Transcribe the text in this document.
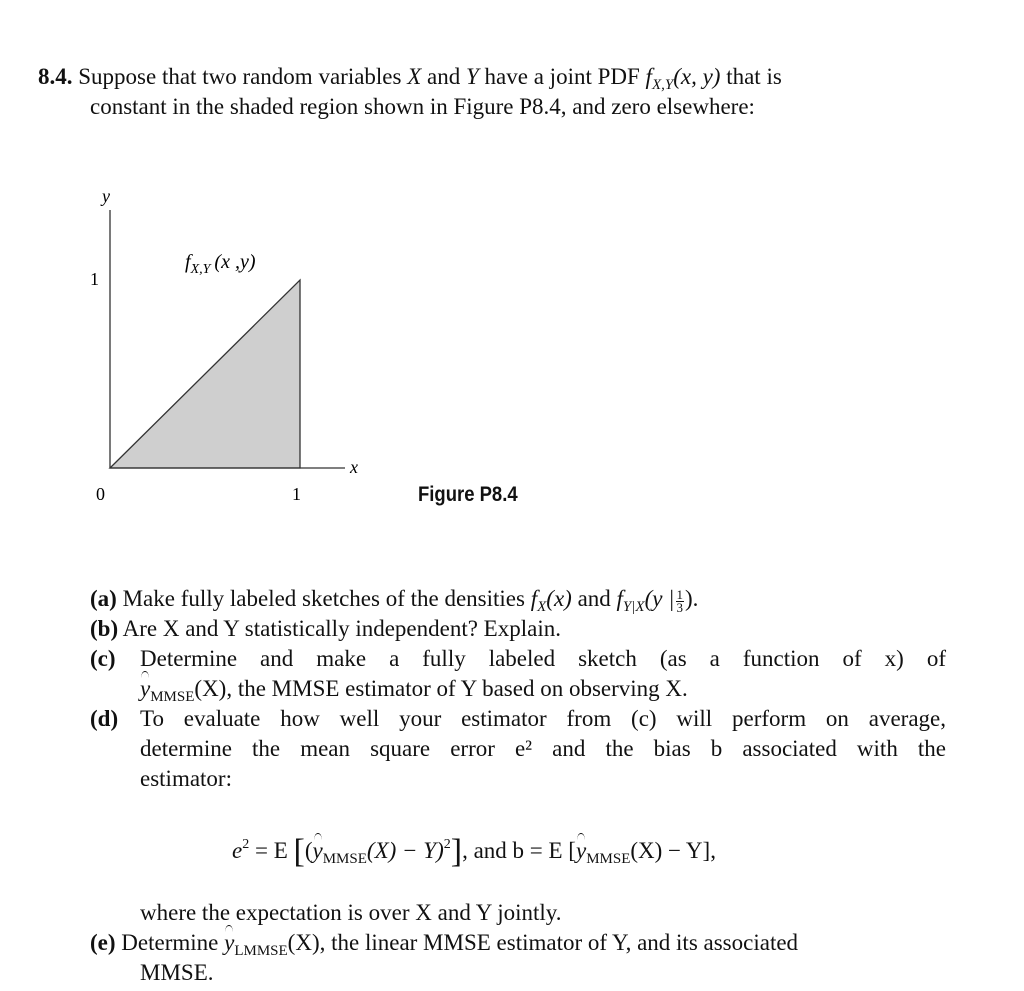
8.4. Suppose that two random variables X and Y have a joint PDF $f_{X,Y}(x$, y) that is
constant in the shaded region shown in Figure P8.4, and zero elsewhere:
y
x
1
0	1
$f_{X,Y}$ (x ,y)
Figure P8.4
(a) Make fully labeled sketches of the densities $f_X(x)$ and $f_{Y|X}(y$ | $\frac{1}{3}$ ).
(b) Are X and Y statistically independent? Explain.
(c) Determine and make a fully labeled sketch (as a function of x) of
$y_{MMSE}(X)$, the MMSE estimator of Y based on observing X.
(d) To evaluate how well your estimator from (c) will perform on average,
determine the mean square error e² and the bias b associated with the
estimator:
$e^2 = E$ $[(y_{MMSE}(X) - Y)^2]$, and b = E $[y_{MMSE}(X) - Y]$,
where the expectation is over X and Y jointly.
(e) Determine $y_{LMMSE}(X)$, the linear MMSE estimator of Y, and its associated
MMSE.
